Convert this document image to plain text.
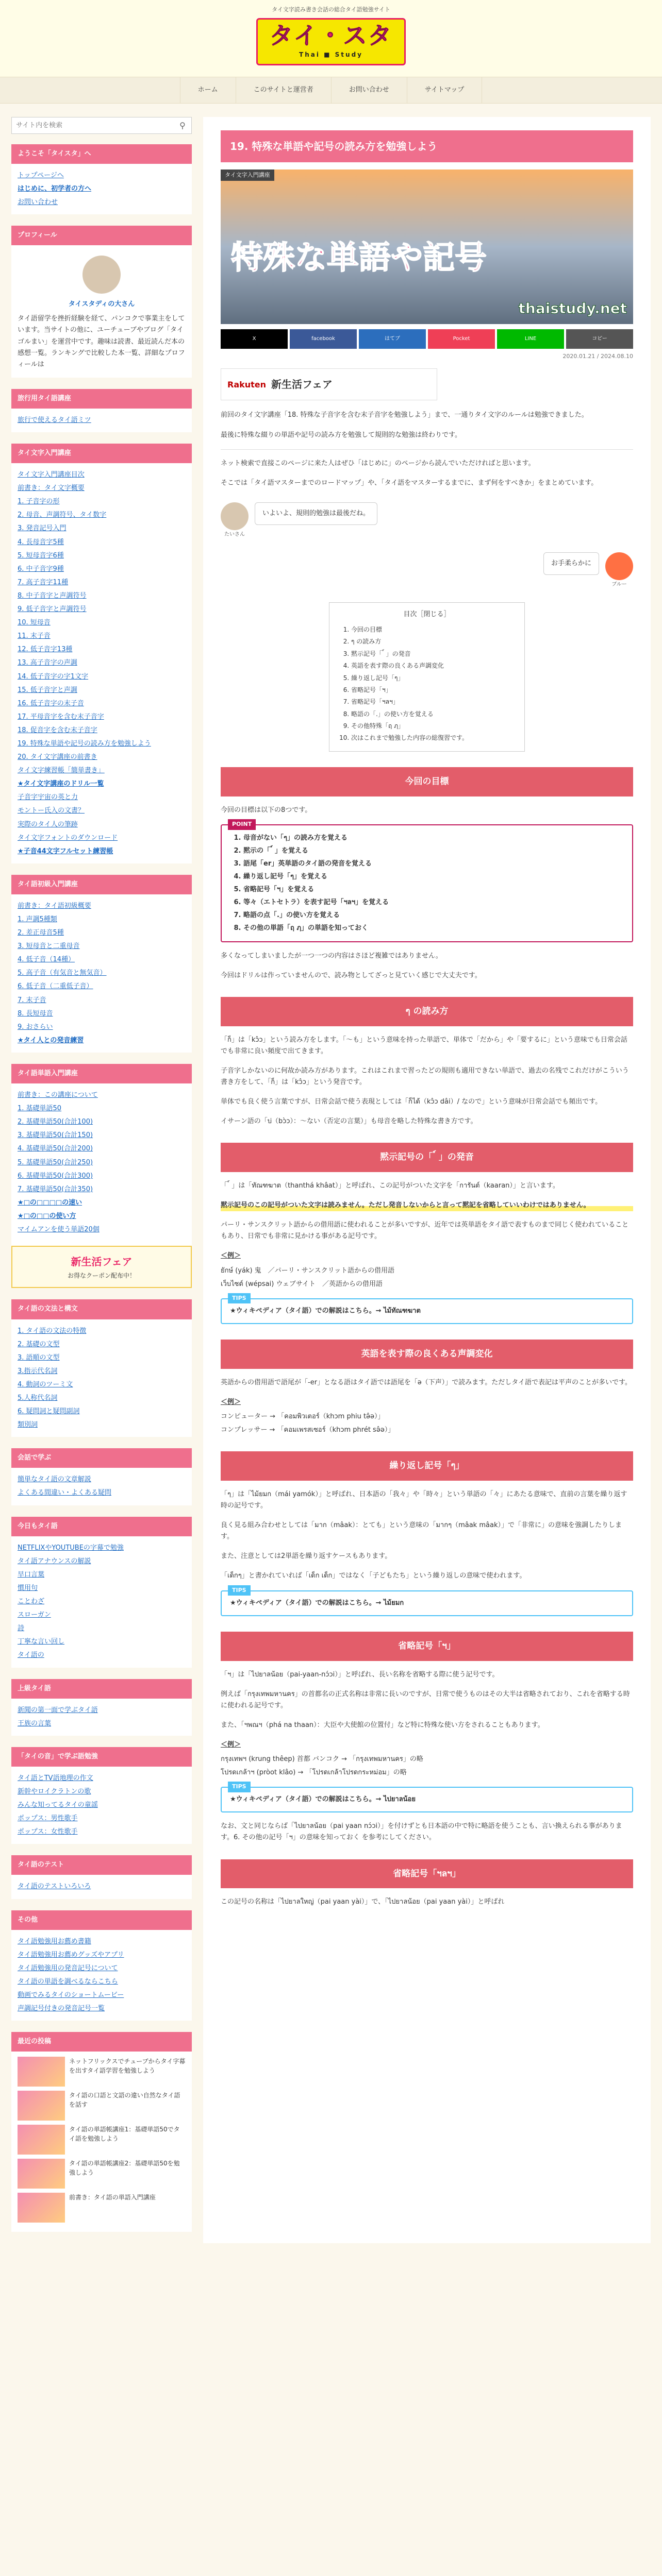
タイ文字読み書き会話の総合タイ語勉強サイト
タイ・スタ
Thai ■ Study
ホーム	このサイトと運営者	お問い合わせ	サイトマップ
サイト内を検索
⚲
ようこそ「タイスタ」へ
トップページへ
はじめに、初学者の方へ
お問い合わせ
プロフィール
タイスタディの大さん

タイ語留学を挫折経験を経て、パンコクで事業主をしています。当サイトの他に、ユーチューブやブログ「タイゴルまい」を運営中です。趣味は読書、最近読んだ本の感想一覧。ランキングで比較した本一覧、詳細なプロフィールは

旅行用タイ語講座
旅行で使えるタイ語ミツ
タイ文字入門講座
タイ文字入門講座目次
前書き：タイ文字概要
1. 子音字の形
2. 母音、声調符号、タイ数字
3. 発音記号入門
4. 長母音字5種
5. 短母音字6種
6. 中子音字9種
7. 高子音字11種
8. 中子音字と声調符号
9. 低子音字と声調符号
10. 短母音
11. 末子音
12. 低子音字13種
13. 高子音字の声調
14. 低子音字の字1文字
15. 低子音字と声調
16. 低子音字の末子音
17. 平母音字を含む末子音字
18. 促音字を含む末子音字
19. 特殊な単語や記号の読み方を勉強しよう
20. タイ文字講座の前書き
タイ文字練習帳「簡単書き」
★タイ文字講座のドリル一覧
子音字宇宙の英と力
モントー氏入の文書？
実際のタイ人の筆跡
タイ文字フォントのダウンロード
★子音44文字フルセット練習帳
タイ語初級入門講座
前書き：タイ語初級概要
1. 声調5種類
2. 差正母音5種
3. 短母音と二重母音
4. 低子音（14種）
5. 高子音（有気音と無気音）
6. 低子音（二重低子音）
7. 末子音
8. 長短母音
9. おさらい
★タイ人との発音練習
タイ語単語入門講座
前書き：この講座について
1. 基礎単語50
2. 基礎単語50(合計100)
3. 基礎単語50(合計150)
4. 基礎単語50(合計200)
5. 基礎単語50(合計250)
6. 基礎単語50(合計300)
7. 基礎単語50(合計350)
★□の□□□□の速い
★□の□□の使い方
マイムアンを使う単語20個
新生活フェア
お得なクーポン配布中！
タイ語の文法と構文
1. タイ語の文法の特徴
2. 基礎の文型
3. 語順の文型
3.指示代名詞
4. 動詞のツーミ文
5.人称代名詞
6. 疑問詞と疑問副詞
類別詞
会話で学ぶ
簡単なタイ語の文章解説
よくある間違い・よくある疑問
今日もタイ語
NETFLIXやYOUTUBEの字幕で勉強
タイ語アナウンスの解説
早口言葉
慣用句
ことわざ
スローガン
詩
丁寧な言い回し
タイ語の
上級タイ語
新聞の第一面で学ぶタイ語
王族の言葉
「タイの音」で学ぶ語勉強
タイ語とTV語地理の作文
新幹やロイクラトンの歌
みんな知ってるタイの童謡
ポップス：男性歌手
ポップス：女性歌手
タイ語のテスト
タイ語のテストいろいろ
その他
タイ語勉強用お薦め書籍
タイ語勉強用お薦めグッズやアプリ
タイ語勉強用の発音記号について
タイ語の単語を調べるならこちら
動画でみるタイのショートムービー
声調記号付きの発音記号一覧
最近の投稿
ネットフリックスでチューブからタイ字幕を出すタイ語学習を勉強しよう
タイ語の口語と文語の違い自然なタイ語を話す
タイ語の単語帳講座1：基礎単語50でタイ語を勉強しよう
タイ語の単語帳講座2：基礎単語50を勉強しよう
前書き：タイ語の単語入門講座
19. 特殊な単語や記号の読み方を勉強しよう
タイ文字入門講座
特殊な単語や記号
thaistudy.net
X	facebook	はてブ	Pocket	LINE	コピー
2020.01.21 / 2024.08.10
Rakuten 新生活フェア

前回のタイ文字講座「18. 特殊な子音字を含む末子音字を勉強しよう」まで、一通りタイ文字のルールは勉強できました。

最後に特殊な綴りの単語や記号の読み方を勉強して規則的な勉強は終わりです。

ネット検索で直接このページに来た人はぜひ「はじめに」のページから読んでいただければと思います。

そこでは「タイ語マスターまでのロードマップ」や、「タイ語をマスターするまでに、まず何をすべきか」をまとめています。

たいさん
いよいよ、規則的勉強は最後だね。
ブルー
お手柔らかに
目次［閉じる］
1. 今回の目標
2. ๆ の読み方
3. 黙示記号「 ์ 」の発音
4. 英語を表す際の良くある声調変化
5. 繰り返し記号「ๆ」
6. 省略記号「ฯ」
7. 省略記号「ฯลฯ」
8. 略語の「.」の使い方を覚える
9. その他特殊「ฤ ฦ」
10. 次はこれまで勉強した内容の総復習です。
今回の目標

今回の目標は以下の8つです。

POINT
1. 母音がない「ๆ」の読み方を覚える
2. 黙示の「 ์ 」を覚える
3. 語尾「er」英単語のタイ語の発音を覚える
4. 繰り返し記号「ๆ」を覚える
5. 省略記号「ฯ」を覚える
6. 等々（エトセトラ）を表す記号「ฯลฯ」を覚える
7. 略語の点「.」の使い方を覚える
8. その他の単語「ฤ ฦ」の単語を知っておく

多くなってしまいましたが一つ一つの内容はさほど複雑ではありません。

今回はドリルは作っていませんので、読み物としてざっと見ていく感じで大丈夫です。

ๆ の読み方

「ก็」は「kɔ̂ɔ」という読み方をします。「～も」という意味を持った単語で、単体で「だから」や「要するに」という意味でも日常会話でも非常に良い頻度で出てきます。

子音字しかないのに何故か読み方があります。これはこれまで習ったどの規則も適用できない単語で、過去の名残でこれだけがこういう書き方をして、「ก็」は「kɔ̂ɔ」という発音です。

単体でも良く使う言葉ですが、日常会話で使う表現としては「ก็ได้（kɔ̂ɔ dâi）/ なので」という意味が日常会話でも頻出です。

イサーン語の「บ่（bɔ̀ɔ）：～ない（否定の言葉）」も母音を略した特殊な書き方です。

黙示記号の「 ์ 」の発音

「 ์ 」は「ทัณฑฆาต（thanthá khâat）」と呼ばれ、この記号がついた文字を「การันต์（kaaran）」と言います。

黙示記号のこの記号がついた文字は読みません。ただし発音しないからと言って黙記を省略していいわけではありません。

パーリ・サンスクリット語からの借用語に使われることが多いですが、近年では英単語をタイ語で表すものまで同じく使われていることもあり、日常でも非常に見かける事がある記号です。

＜例＞

ยักษ์ (yák) 鬼　／パーリ・サンスクリット語からの借用語

เว็บไซต์ (wépsai) ウェブサイト　／英語からの借用語

TIPS

★ウィキペディア（タイ語）での解説はこちら。→ ไม้ทัณฑฆาต

英語を表す際の良くある声調変化

英語からの借用語で語尾が「-er」となる語はタイ語では語尾を「ə（下声）」で読みます。ただしタイ語で表記は平声のことが多いです。

＜例＞

コンピューター → 「คอมพิวเตอร์（khɔm phiu tə̂ə）」

コンプレッサー → 「คอมเพรสเซอร์（khɔm phrét sə̂ə）」

繰り返し記号「ๆ」

「ๆ」は「ไม้ยมก（mái yamók）」と呼ばれ、日本語の「我々」や「時々」という単語の「々」にあたる意味で、直前の言葉を繰り返す時の記号です。

良く見る組み合わせとしては「มาก（mâak）：とても」という意味の「มากๆ（mâak mâak）」で「非常に」の意味を強調したりします。

また、注意としては2単語を繰り返すケースもあります。

「เด็กๆ」と書かれていれば「เด็ก เด็ก」ではなく「子どもたち」という繰り返しの意味で使われます。

TIPS

★ウィキペディア（タイ語）での解説はこちら。→ ไม้ยมก

省略記号「ฯ」

「ฯ」は「ไปยาลน้อย（pai-yaan-nɔ́ɔi）」と呼ばれ、長い名称を省略する際に使う記号です。

例えば「กรุงเทพมหานคร」の首都名の正式名称は非常に長いのですが、日常で使うものはその大半は省略されており、これを省略する時に使われる記号です。

また、「ฯพณฯ（phá na thaan）：大臣や大使館の位置付」など特に特殊な使い方をされることもあります。

＜例＞

กรุงเทพฯ (krung thêep) 首都 バンコク → 「กรุงเทพมหานคร」の略

โปรดเกล้าฯ (pròot klâo) → 「โปรดเกล้าโปรดกระหม่อม」の略

TIPS

★ウィキペディア（タイ語）での解説はこちら。→ ไปยาลน้อย

なお、文と同じならば「ไปยาลน้อย（pai yaan nɔ́ɔi）」を付けずとも日本語の中で特に略語を使うことも、言い換えられる事があります。6. その他の記号「ฯ」の意味を知っておく を参考にしてください。

省略記号「ฯลฯ」

この記号の名称は「ไปยาลใหญ่（pai yaan yài）」で、「ไปยาลน้อย（pai yaan yài）」と呼ばれ
